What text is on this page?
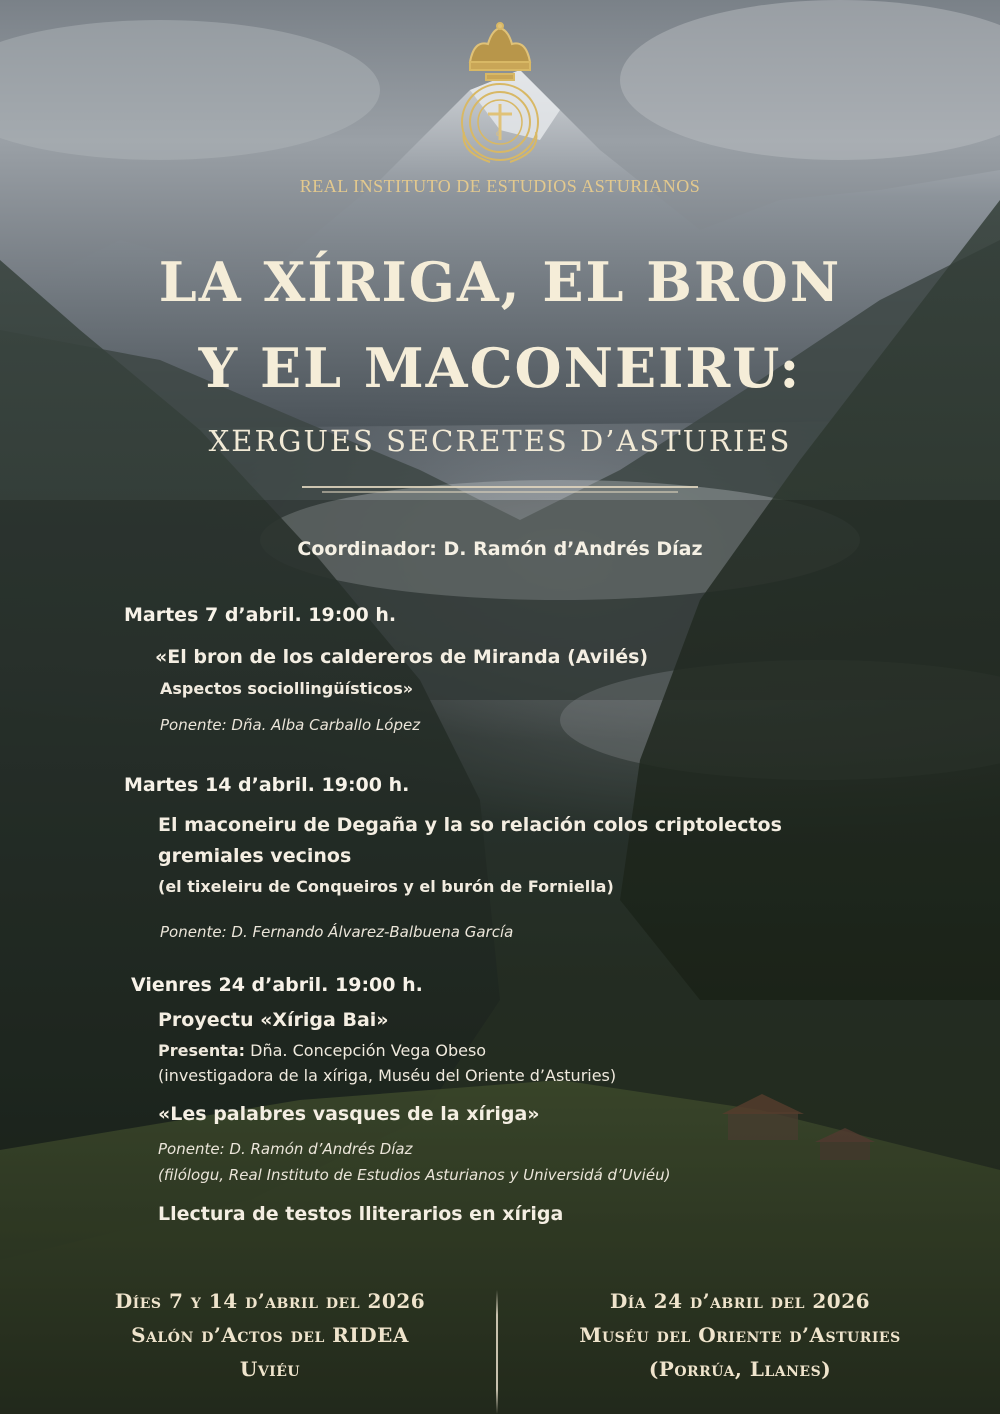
α
REAL INSTITUTO DE ESTUDIOS ASTURIANOS
LA XÍRIGA, EL BRON
Y EL MACONEIRU:
XERGUES SECRETES D’ASTURIES
Coordinador: D. Ramón d’Andrés Díaz
Martes 7 d’abril. 19:00 h.
«El bron de los caldereros de Miranda (Avilés)
Aspectos sociollingüísticos»
Ponente: Dña. Alba Carballo López
Martes 14 d’abril. 19:00 h.
El maconeiru de Degaña y la so relación colos criptolectos
gremiales vecinos
(el tixeleiru de Conqueiros y el burón de Forniella)
Ponente: D. Fernando Álvarez-Balbuena García
Vienres 24 d’abril. 19:00 h.
Proyectu «Xíriga Bai»
Presenta: Dña. Concepción Vega Obeso
(investigadora de la xíriga, Muséu del Oriente d’Asturies)
«Les palabres vasques de la xíriga»
Ponente: D. Ramón d’Andrés Díaz
(filólogu, Real Instituto de Estudios Asturianos y Universidá d’Uviéu)
Llectura de testos lliterarios en xíriga
Díes 7 y 14 d’abril del 2026
Salón d’Actos del RIDEA
Uviéu
Día 24 d’abril del 2026
Muséu del Oriente d’Asturies
(Porrúa, Llanes)
